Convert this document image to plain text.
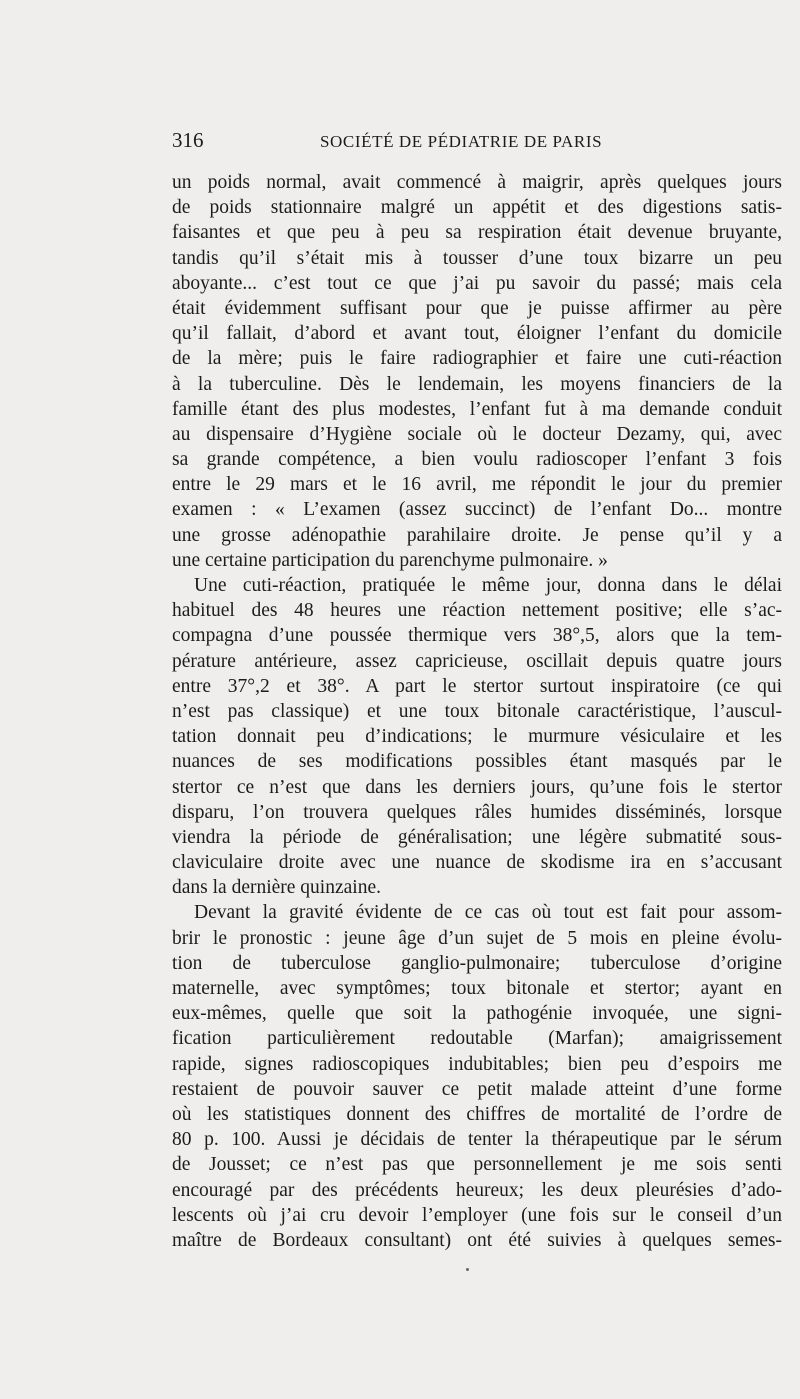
316	SOCIÉTÉ DE PÉDIATRIE DE PARIS
un poids normal, avait commencé à maigrir, après quelques jours
de poids stationnaire malgré un appétit et des digestions satis-
faisantes et que peu à peu sa respiration était devenue bruyante,
tandis qu’il s’était mis à tousser d’une toux bizarre un peu
aboyante... c’est tout ce que j’ai pu savoir du passé; mais cela
était évidemment suffisant pour que je puisse affirmer au père
qu’il fallait, d’abord et avant tout, éloigner l’enfant du domicile
de la mère; puis le faire radiographier et faire une cuti-réaction
à la tuberculine. Dès le lendemain, les moyens financiers de la
famille étant des plus modestes, l’enfant fut à ma demande conduit
au dispensaire d’Hygiène sociale où le docteur Dezamy, qui, avec
sa grande compétence, a bien voulu radioscoper l’enfant 3 fois
entre le 29 mars et le 16 avril, me répondit le jour du premier
examen : « L’examen (assez succinct) de l’enfant Do... montre
une grosse adénopathie parahilaire droite. Je pense qu’il y a
une certaine participation du parenchyme pulmonaire. »
Une cuti-réaction, pratiquée le même jour, donna dans le délai
habituel des 48 heures une réaction nettement positive; elle s’ac-
compagna d’une poussée thermique vers 38°,5, alors que la tem-
pérature antérieure, assez capricieuse, oscillait depuis quatre jours
entre 37°,2 et 38°. A part le stertor surtout inspiratoire (ce qui
n’est pas classique) et une toux bitonale caractéristique, l’auscul-
tation donnait peu d’indications; le murmure vésiculaire et les
nuances de ses modifications possibles étant masqués par le
stertor ce n’est que dans les derniers jours, qu’une fois le stertor
disparu, l’on trouvera quelques râles humides disséminés, lorsque
viendra la période de généralisation; une légère submatité sous-
claviculaire droite avec une nuance de skodisme ira en s’accusant
dans la dernière quinzaine.
Devant la gravité évidente de ce cas où tout est fait pour assom-
brir le pronostic : jeune âge d’un sujet de 5 mois en pleine évolu-
tion de tuberculose ganglio-pulmonaire; tuberculose d’origine
maternelle, avec symptômes; toux bitonale et stertor; ayant en
eux-mêmes, quelle que soit la pathogénie invoquée, une signi-
fication particulièrement redoutable (Marfan); amaigrissement
rapide, signes radioscopiques indubitables; bien peu d’espoirs me
restaient de pouvoir sauver ce petit malade atteint d’une forme
où les statistiques donnent des chiffres de mortalité de l’ordre de
80 p. 100. Aussi je décidais de tenter la thérapeutique par le sérum
de Jousset; ce n’est pas que personnellement je me sois senti
encouragé par des précédents heureux; les deux pleurésies d’ado-
lescents où j’ai cru devoir l’employer (une fois sur le conseil d’un
maître de Bordeaux consultant) ont été suivies à quelques semes-
